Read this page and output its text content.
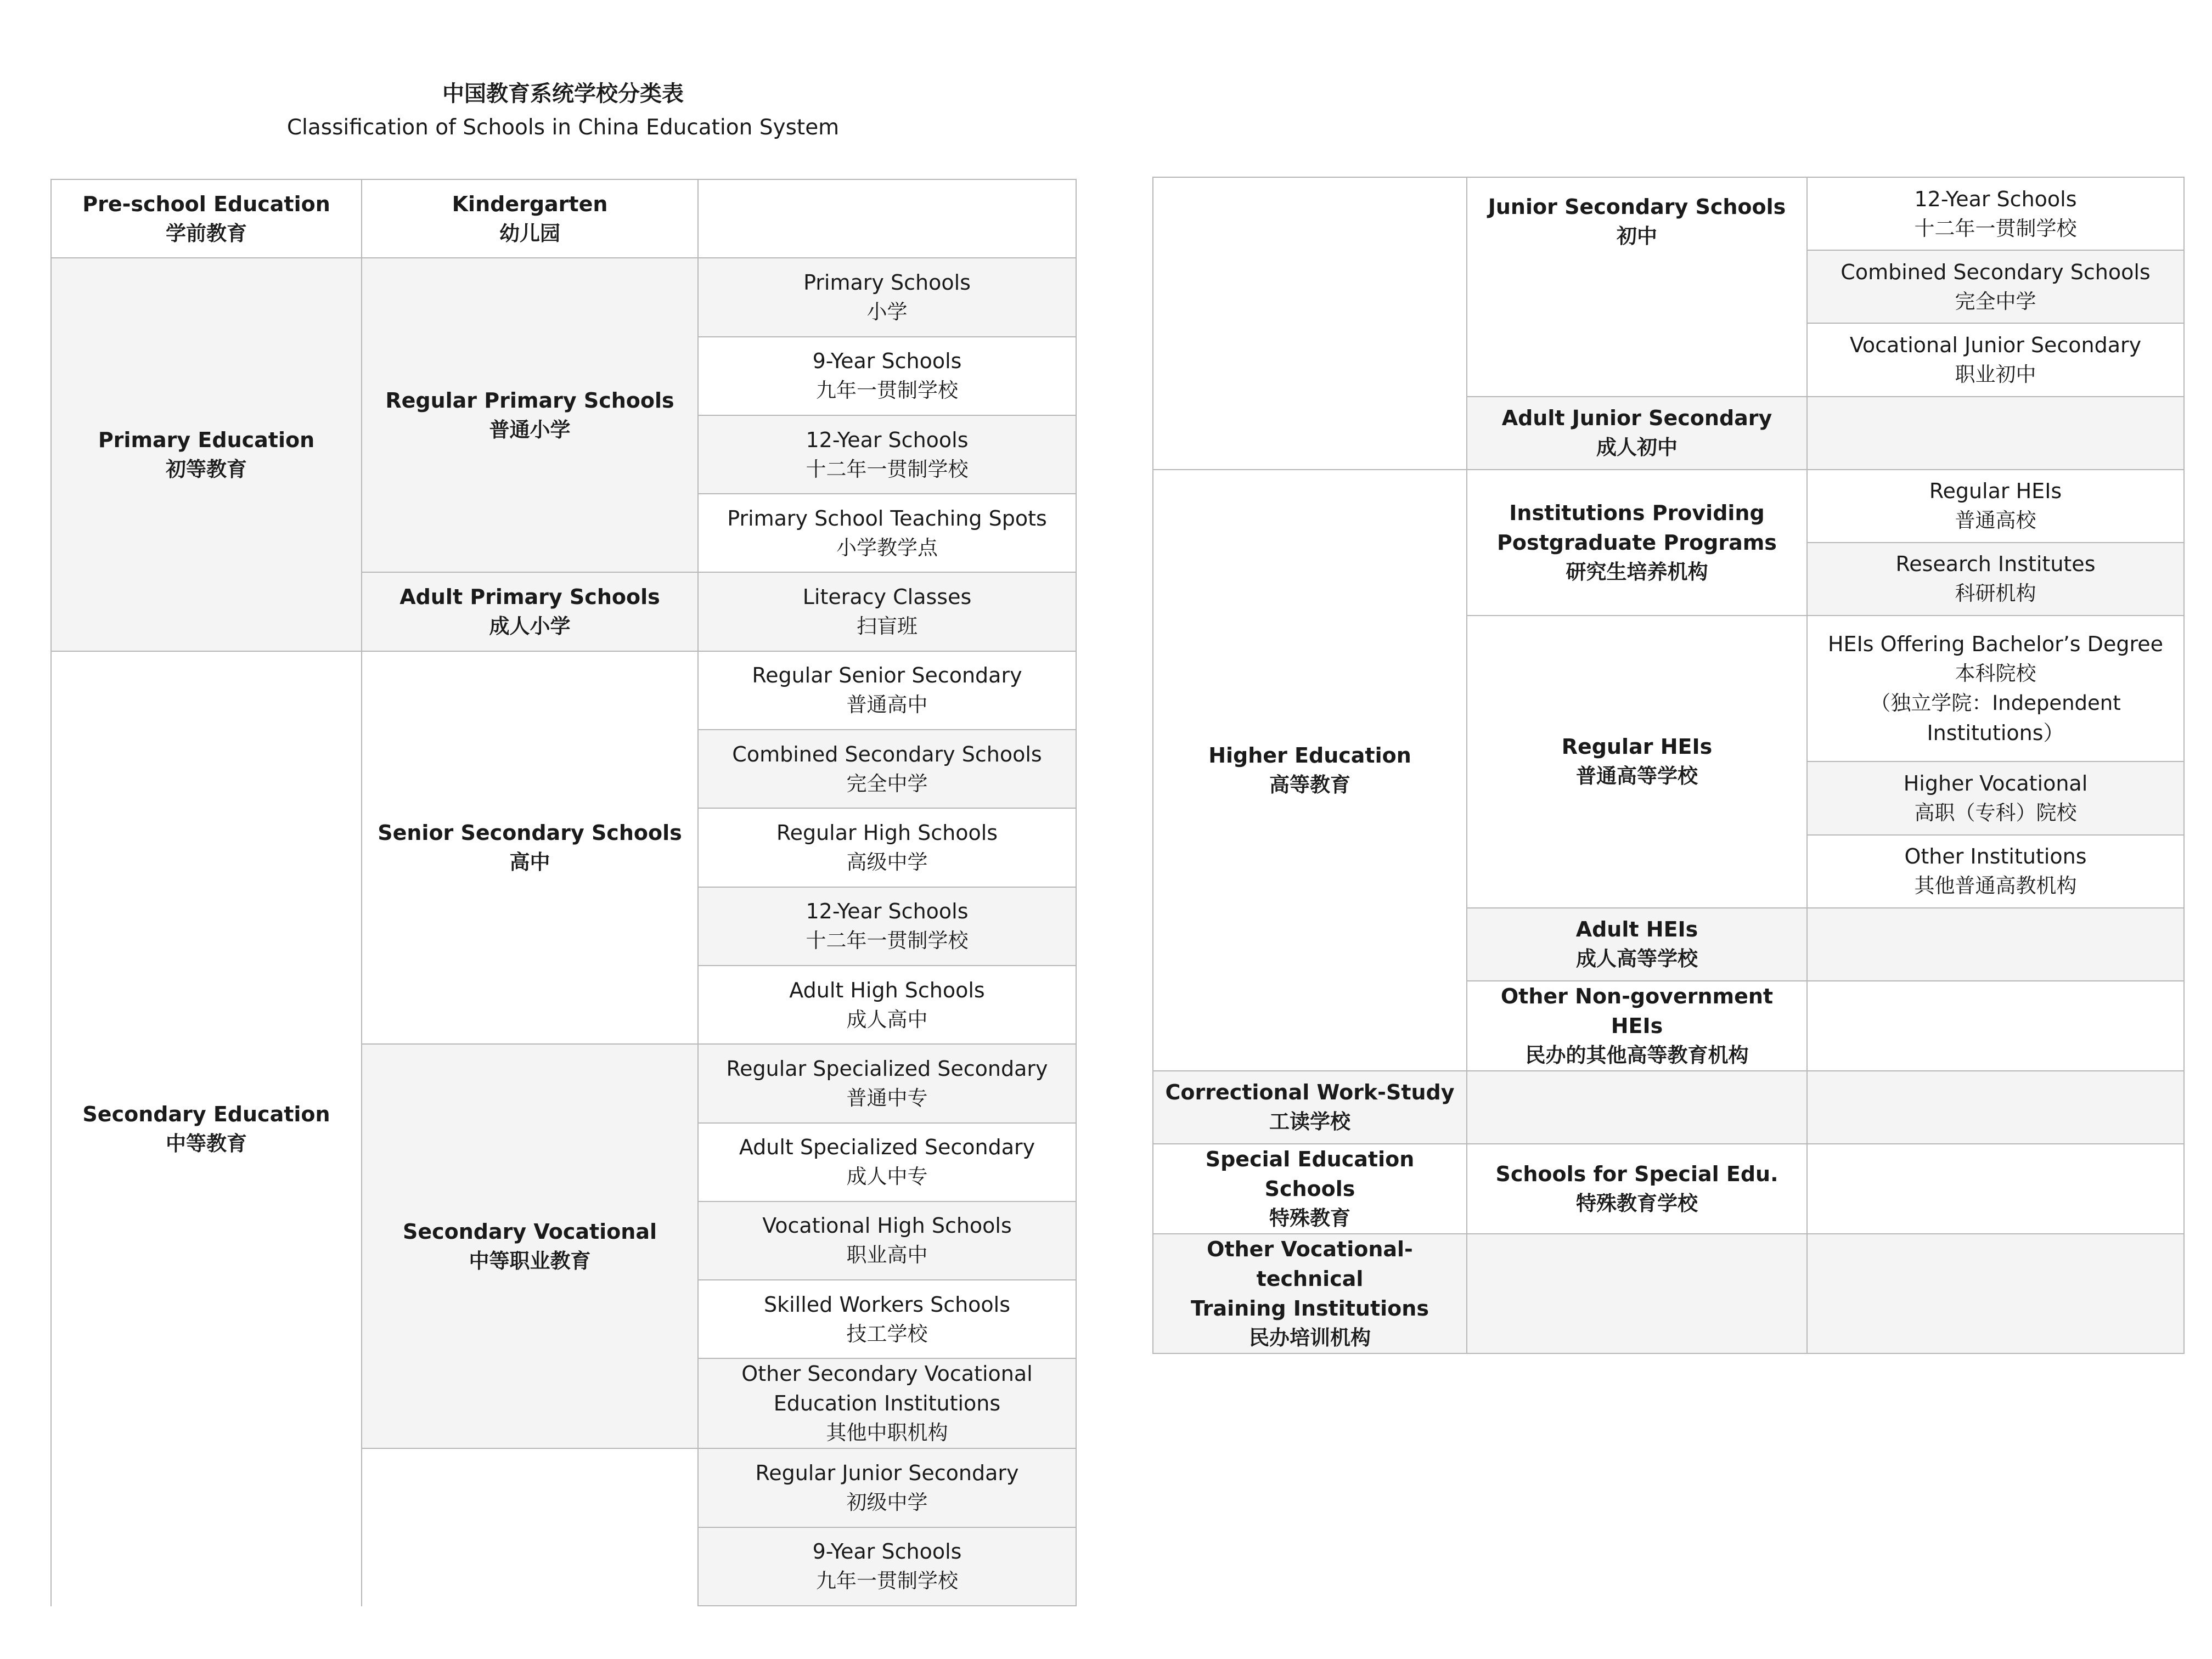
中国教育系统学校分类表
Classification of Schools in China Education System
Pre-school Education
学前教育
Kindergarten
幼儿园
Primary Education
初等教育
Regular Primary Schools
普通小学
Primary Schools
小学
9-Year Schools
九年一贯制学校
12-Year Schools
十二年一贯制学校
Primary School Teaching Spots
小学教学点
Adult Primary Schools
成人小学
Literacy Classes
扫盲班
Secondary Education
中等教育
Senior Secondary Schools
高中
Regular Senior Secondary
普通高中
Combined Secondary Schools
完全中学
Regular High Schools
高级中学
12-Year Schools
十二年一贯制学校
Adult High Schools
成人高中
Secondary Vocational
中等职业教育
Regular Specialized Secondary
普通中专
Adult Specialized Secondary
成人中专
Vocational High Schools
职业高中
Skilled Workers Schools
技工学校
Other Secondary Vocational
Education Institutions
其他中职机构
Regular Junior Secondary
初级中学
9-Year Schools
九年一贯制学校
Junior Secondary Schools
初中
12-Year Schools
十二年一贯制学校
Combined Secondary Schools
完全中学
Vocational Junior Secondary
职业初中
Adult Junior Secondary
成人初中
Higher Education
高等教育
Institutions Providing
Postgraduate Programs
研究生培养机构
Regular HEIs
普通高校
Research Institutes
科研机构
Regular HEIs
普通高等学校
HEIs Offering Bachelor’s Degree
本科院校
（独立学院：Independent
Institutions）
Higher Vocational
高职（专科）院校
Other Institutions
其他普通高教机构
Adult HEIs
成人高等学校
Other Non-government HEIs
民办的其他高等教育机构
Correctional Work-Study
工读学校
Special Education Schools
特殊教育
Schools for Special Edu.
特殊教育学校
Other Vocational-technical
Training Institutions
民办培训机构
